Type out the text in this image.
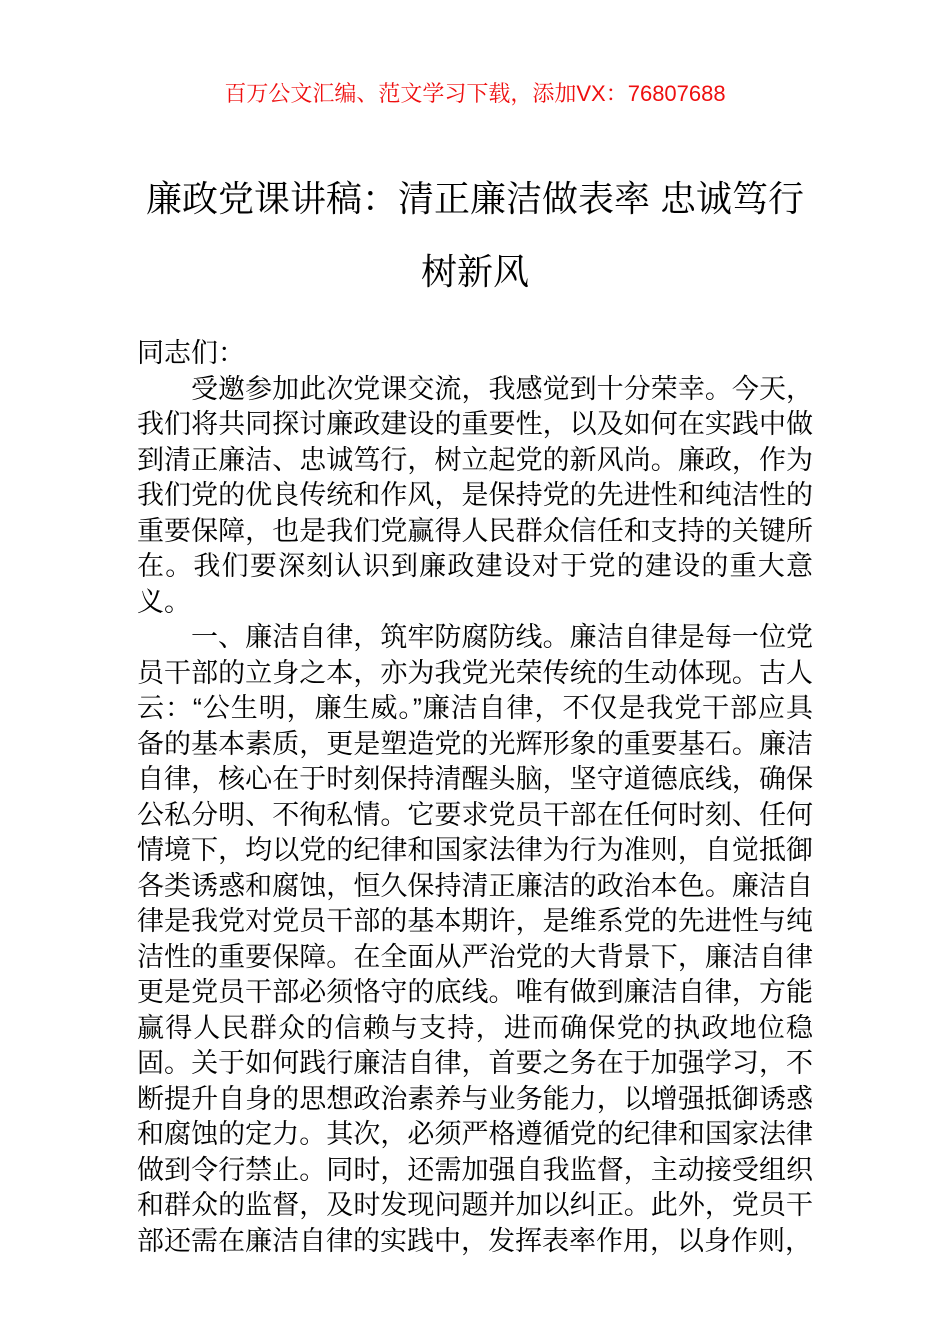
百万公文汇编、范文学习下载，添加VX：76807688
廉政党课讲稿：清正廉洁做表率 忠诚笃行树新风

同志们：

受邀参加此次党课交流，我感觉到十分荣幸。今天，我们将共同探讨廉政建设的重要性，以及如何在实践中做到清正廉洁、忠诚笃行，树立起党的新风尚。廉政，作为我们党的优良传统和作风，是保持党的先进性和纯洁性的重要保障，也是我们党赢得人民群众信任和支持的关键所在。我们要深刻认识到廉政建设对于党的建设的重大意义。

一、廉洁自律，筑牢防腐防线。廉洁自律是每一位党员干部的立身之本，亦为我党光荣传统的生动体现。古人云：“公生明，廉生威。”廉洁自律，不仅是我党干部应具备的基本素质，更是塑造党的光辉形象的重要基石。廉洁自律，核心在于时刻保持清醒头脑，坚守道德底线，确保公私分明、不徇私情。它要求党员干部在任何时刻、任何情境下，均以党的纪律和国家法律为行为准则，自觉抵御各类诱惑和腐蚀，恒久保持清正廉洁的政治本色。廉洁自律是我党对党员干部的基本期许，是维系党的先进性与纯洁性的重要保障。在全面从严治党的大背景下，廉洁自律更是党员干部必须恪守的底线。唯有做到廉洁自律，方能赢得人民群众的信赖与支持，进而确保党的执政地位稳固。关于如何践行廉洁自律，首要之务在于加强学习，不断提升自身的思想政治素养与业务能力，以增强抵御诱惑和腐蚀的定力。其次，必须严格遵循党的纪律和国家法律做到令行禁止。同时，还需加强自我监督，主动接受组织和群众的监督，及时发现问题并加以纠正。此外，党员干部还需在廉洁自律的实践中，发挥表率作用，以身作则，
